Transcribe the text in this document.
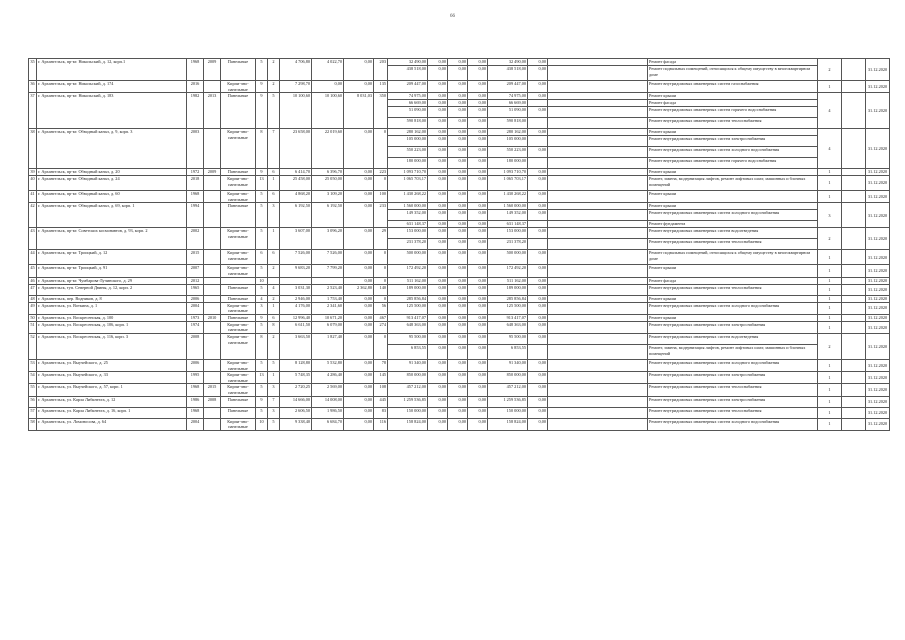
66
35	г. Архангельск, пр-кт. Никольский, д. 12, корп.1	1968	2009	Панельные	5	2	4 706,80	4 022,70	0,00	203	32 490,00	0,00	0,00	0,00	32 490,00	0,00		Ремонт фасада	2		31.12.2020	
											438 518,00	0,00	0,00	0,00	438 518,00	0,00		Ремонт подвальных помещений, относящихся к общему имуществу в многоквартирном доме				
36	г. Архангельск, пр-кт. Никольский, д. 174	2016		Кирпи-чно-панельные	9	2	7 298,70	0,00	0,00	135	209 447,00	0,00	0,00	0,00	209 447,00	0,00		Ремонт внутридомовых инженерных систем газоснабжения	1		31.12.2020	
37	г. Архангельск, пр-кт. Никольский, д. 183	1982	2013	Панельные	9	5	10 100,60	10 100,60	8 031,03	350	74 975,00	0,00	0,00	0,00	74 975,00	0,00		Ремонт крыши	4		31.12.2020	
											66 669,00	0,00	0,00	0,00	66 669,00			Ремонт фасада				
											51 090,00	0,00	0,00	0,00	51 090,00	0,00		Ремонт внутридомовых инженерных систем горячего водоснабжения				
											590 818,00	0,00	0,00	0,00	590 818,00			Ремонт внутридомовых инженерных систем теплоснабжения				
38	г. Архангельск, пр-кт. Обводный канал, д. 9, корп. 3	2003		Кирпи-чно-панельные	8	7	23 658,00	22 019,60	0,00	0	280 162,00	0,00	0,00	0,00	280 162,00	0,00		Ремонт крыши	4		31.12.2020	
											105 000,00	0,00	0,00	0,00	105 000,00			Ремонт внутридомовых инженерных систем электроснабжения				
											550 223,00	0,00	0,00	0,00	550 223,00	0,00		Ремонт внутридомовых инженерных систем холодного водоснабжения				
											180 000,00	0,00	0,00	0,00	180 000,00			Ремонт внутридомовых инженерных систем горячего водоснабжения				
39	г. Архангельск, пр-кт. Обводный канал, д. 20	1972	2009	Панельные	9	6	6 414,70	6 396,70	0,00	223	1 093 710,70	0,00	0,00	0,00	1 093 710,70	0,00		Ремонт крыши	1		31.12.2020	
40	г. Архангельск, пр-кт. Обводный канал, д. 24	2018		Кирпи-чно-панельные	13	1	25 458,00	25 050,00	0,00	0	1 065 703,17	0,00	0,00	0,00	1 065 703,17	0,00		Ремонт, замена, модернизация лифтов, ремонт лифтовых шахт, машинных и блочных помещений	1		31.12.2020	
41	г. Архангельск, пр-кт. Обводный канал, д. 60	1968		Кирпи-чно-панельные	5	6	4 868,20	3 109,20	0,00	100	1 430 268,22	0,00	0,00	0,00	1 430 268,22	0,00		Ремонт крыши	1		31.12.2020	
42	г. Архангельск, пр-кт. Обводный канал, д. 69, корп. 1	1994		Панельные	5	3	6 192,50	6 192,50	0,00	233	1 560 000,00	0,00	0,00	0,00	1 560 000,00	0,00		Ремонт крыши	3		31.12.2020	
											149 352,00	0,00	0,00	0,00	149 352,00	0,00		Ремонт внутридомовых инженерных систем холодного водоснабжения				
											631 148,37	0,00	0,00	0,00	631 148,37			Ремонт фундамента				
43	г. Архангельск, пр-кт. Советских космонавтов, д. 93, корп. 2	2002		Кирпи-чно-панельные	5	1	3 607,00	3 096,20	0,00	29	153 000,00	0,00	0,00	0,00	153 000,00	0,00		Ремонт внутридомовых инженерных систем водоотведения	2		31.12.2020	
											231 378,20	0,00	0,00	0,00	231 378,20			Ремонт внутридомовых инженерных систем теплоснабжения				
44	г. Архангельск, пр-кт. Троицкий, д. 12	2015		Кирпи-чно-панельные	6	6	7 526,00	7 526,00	0,00	0	500 000,00	0,00	0,00	0,00	500 000,00	0,00		Ремонт подвальных помещений, относящихся к общему имуществу в многоквартирном доме	1		31.12.2020	
45	г. Архангельск, пр-кт. Троицкий, д. 91	2007		Кирпи-чно-панельные	5	2	9 683,20	7 799,20	0,00	0	172 492,20	0,00	0,00	0,00	172 492,20	0,00		Ремонт крыши	1		31.12.2020	
46	г. Архангельск, пр-кт. Чумбарова-Лучинского, д. 29	2012			10				0,00	0	511 162,00	0,00	0,00	0,00	511 162,00	0,00		Ремонт фасада	1		31.12.2020	
47	г. Архангельск, туп. Северной Двины, д. 12, корп. 2	1965		Панельные	5	4	3 031,30	2 523,40	2 362,80	140	189 000,00	0,00	0,00	0,00	189 000,00	0,00		Ремонт внутридомовых инженерных систем теплоснабжения	1		31.12.2020	
48	г. Архангельск, пер. Водников, д. 8	2006		Панельные	4	2	2 946,00	1 753,40	0,00	0	285 856,84	0,00	0,00	0,00	285 856,84	0,00		Ремонт крыши	1		31.12.2020	
49	г. Архангельск, ул. Воткина, д. 1	2004		Кирпи-чно-панельные	3	1	4 176,00	2 341,60	0,00	56	125 500,00	0,00	0,00	0,00	125 500,00	0,00		Ремонт внутридомовых инженерных систем холодного водоснабжения	1		31.12.2020	
50	г. Архангельск, ул. Воскресенская, д. 100	1973	2010	Панельные	9	6	12 996,40	10 671,20	0,00	467	913 417,07	0,00	0,00	0,00	913 417,07	0,00		Ремонт крыши	1		31.12.2020	
51	г. Архангельск, ул. Воскресенская, д. 106, корп. 1	1974		Кирпи-чно-панельные	5	8	6 611,50	6 079,00	0,00	274	648 363,00	0,00	0,00	0,00	648 363,00	0,00		Ремонт внутридомовых инженерных систем электроснабжения	1		31.12.2020	
52	г. Архангельск, ул. Воскресенская, д. 116, корп. 3	2008		Кирпи-чно-панельные	8	2	3 663,50	1 827,40	0,00	0	95 500,00	0,00	0,00	0,00	95 500,00	0,00		Ремонт внутридомовых инженерных систем водоотведения	2		31.12.2020	
											6 853,55	0,00	0,00	0,00	6 853,55			Ремонт, замена, модернизация лифтов, ремонт лифтовых шахт, машинных и блочных помещений				
53	г. Архангельск, ул. Выучейского, д. 25	2006		Кирпи-чно-панельные	5	5	8 128,80	5 532,80	0,00	78	91 340,00	0,00	0,00	0,00	91 340,00	0,00		Ремонт внутридомовых инженерных систем холодного водоснабжения	1		31.12.2020	
54	г. Архангельск, ул. Выучейского, д. 33	1995		Кирпи-чно-панельные	13	1	5 748,35	4 286,40	0,00	145	850 000,00	0,00	0,00	0,00	850 000,00	0,00		Ремонт внутридомовых инженерных систем электроснабжения	1		31.12.2020	
55	г. Архангельск, ул. Выучейского, д. 57, корп. 1	1968	2015	Кирпи-чно-панельные	5	3	2 720,25	2 569,00	0,00	108	457 212,00	0,00	0,00	0,00	457 212,00	0,00		Ремонт внутридомовых инженерных систем теплоснабжения	1		31.12.2020	
56	г. Архангельск, ул. Карла Либкнехта, д. 12	1986	2008	Панельные	9	7	14 666,00	14 008,00	0,00	445	1 259 536,85	0,00	0,00	0,00	1 259 536,85	0,00		Ремонт внутридомовых инженерных систем электроснабжения	1		31.12.2020	
57	г. Архангельск, ул. Карла Либкнехта, д. 16, корп. 1	1968		Панельные	5	3	2 606,50	1 986,50	0,00	83	150 000,00	0,00	0,00	0,00	150 000,00	0,00		Ремонт внутридомовых инженерных систем теплоснабжения	1		31.12.2020	
58	г. Архангельск, ул. Ломоносова, д. 64	2004		Кирпи-чно-панельные	10	5	9 338,40	6 684,70	0,00	116	158 824,00	0,00	0,00	0,00	158 824,00	0,00		Ремонт внутридомовых инженерных систем холодного водоснабжения	1		31.12.2020	
